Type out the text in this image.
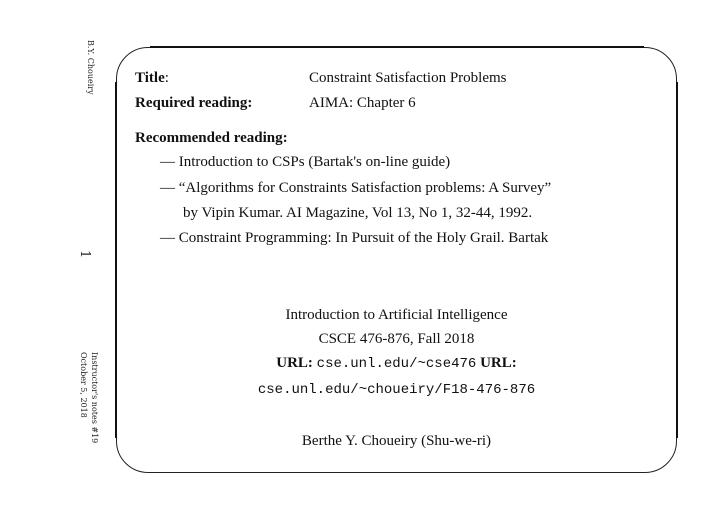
B.Y. Choueiry
1
Instructor's notes #19
October 5, 2018
Title:	Constraint Satisfaction Problems
Required reading:	AIMA: Chapter 6
Recommended reading:
— Introduction to CSPs (Bartak's on-line guide)
— “Algorithms for Constraints Satisfaction problems: A Survey”
by Vipin Kumar. AI Magazine, Vol 13, No 1, 32-44, 1992.
— Constraint Programming: In Pursuit of the Holy Grail. Bartak
Introduction to Artificial Intelligence
CSCE 476-876, Fall 2018
URL: cse.unl.edu/~cse476 URL:
cse.unl.edu/~choueiry/F18-476-876
Berthe Y. Choueiry (Shu-we-ri)
